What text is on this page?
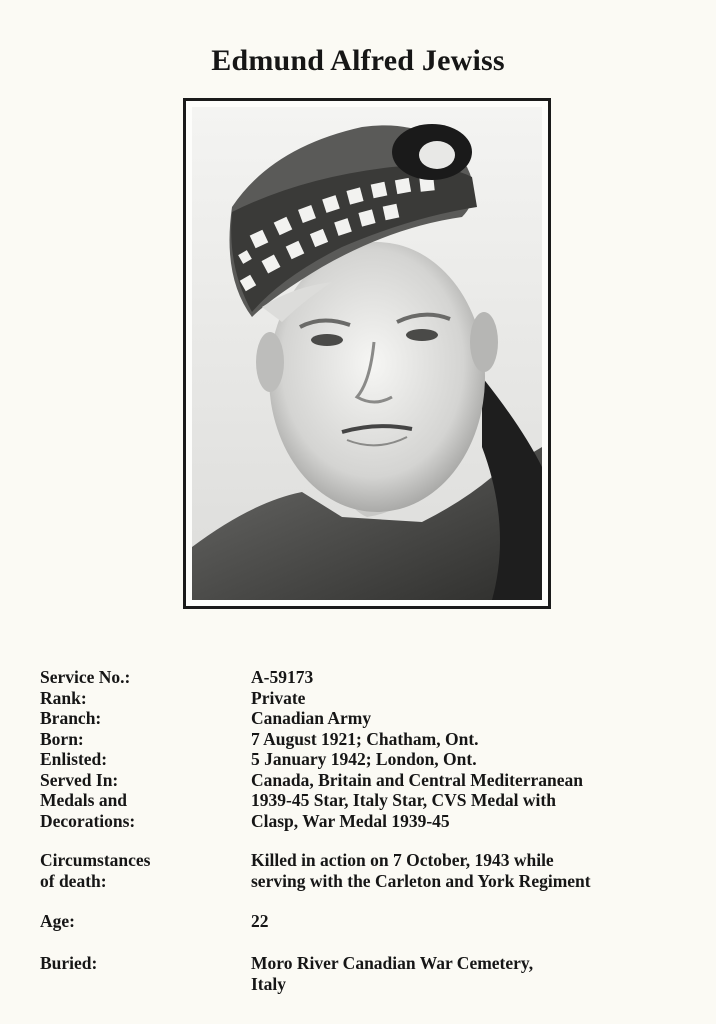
Edmund Alfred Jewiss
Service No.:	A-59173
Rank:	Private
Branch:	Canadian Army
Born:	7 August 1921; Chatham, Ont.
Enlisted:	5 January 1942; London, Ont.
Served In:	Canada, Britain and Central Mediterranean
Medals and	1939-45 Star, Italy Star, CVS Medal with
Decorations:	Clasp, War Medal 1939-45
Circumstances	Killed in action on 7 October, 1943 while
of death:	serving with the Carleton and York Regiment
Age:	22
Buried:	Moro River Canadian War Cemetery,
Italy
